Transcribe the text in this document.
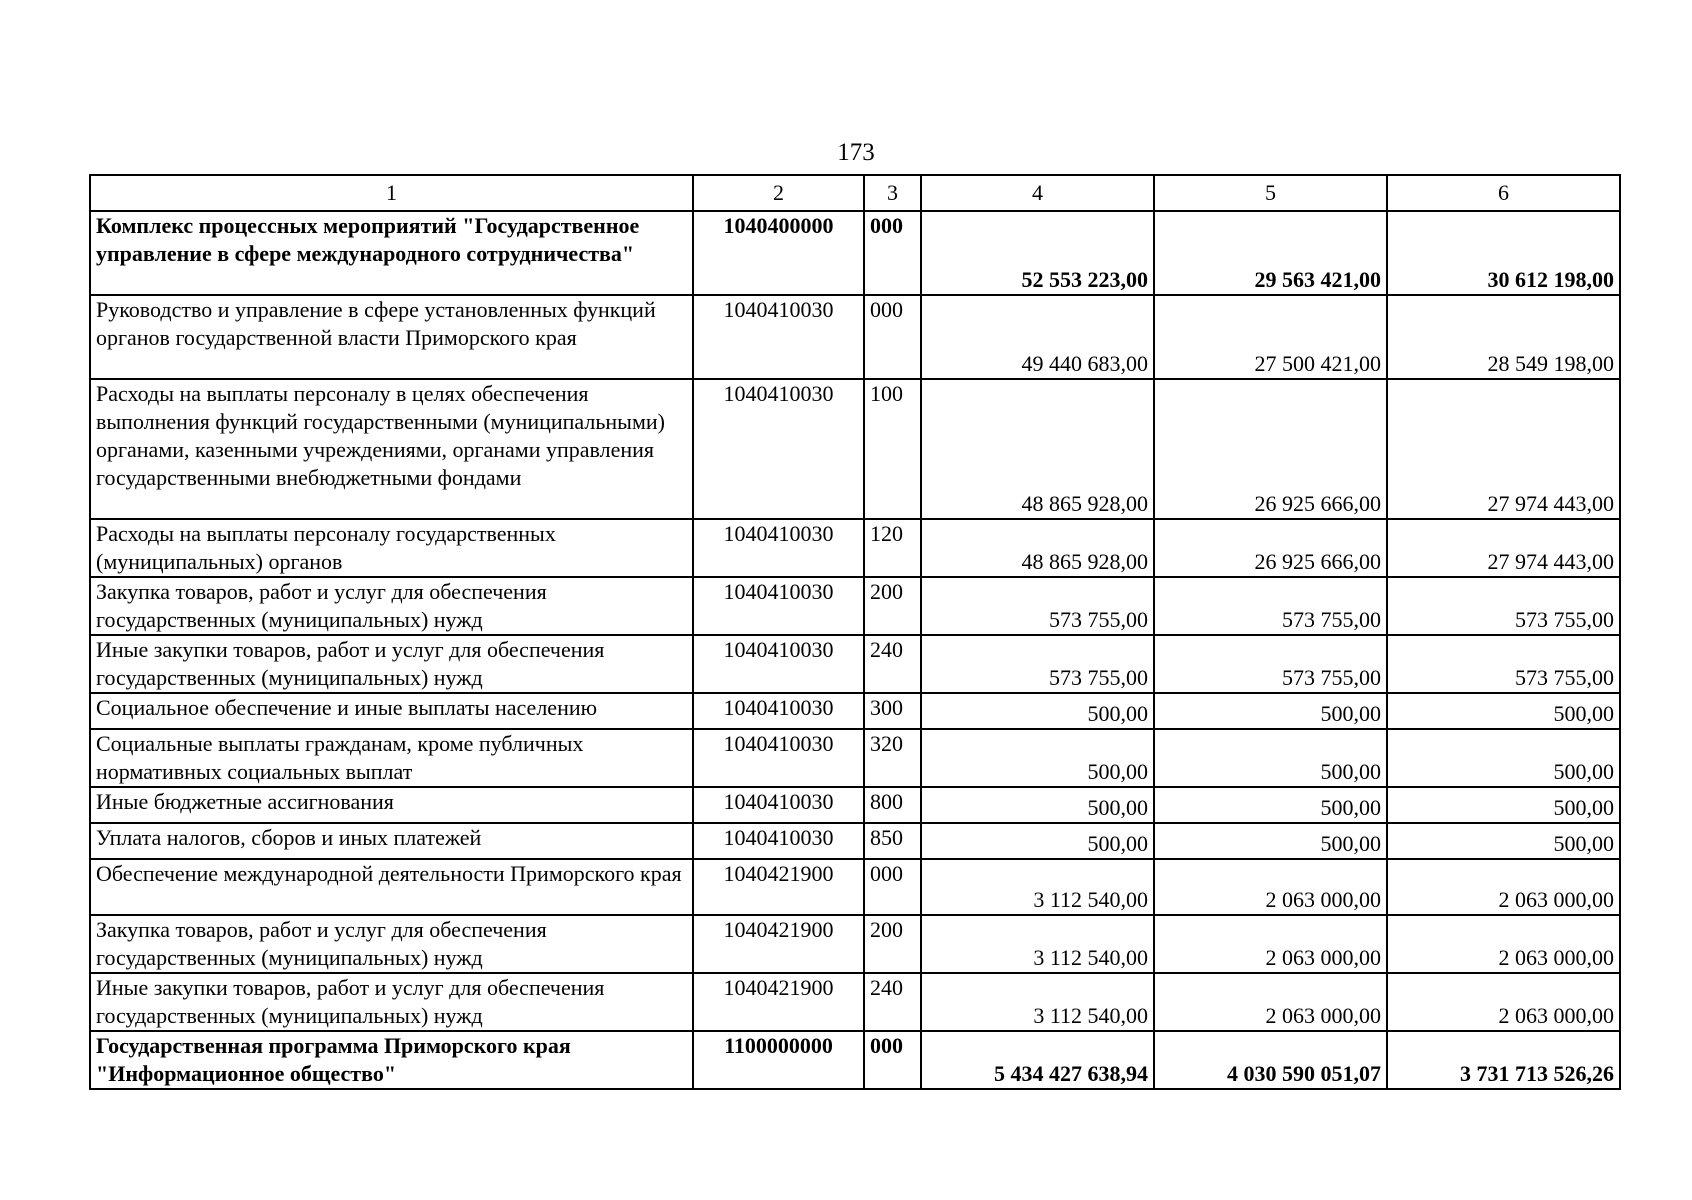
173
1	2	3	4	5	6
Комплекс процессных мероприятий "Государственное управление в сфере международного сотрудничества"	1040400000	000	52 553 223,00	29 563 421,00	30 612 198,00
Руководство и управление в сфере установленных функций органов государственной власти Приморского края	1040410030	000	49 440 683,00	27 500 421,00	28 549 198,00
Расходы на выплаты персоналу в целях обеспечения выполнения функций государственными (муниципальными) органами, казенными учреждениями, органами управления государственными внебюджетными фондами	1040410030	100	48 865 928,00	26 925 666,00	27 974 443,00
Расходы на выплаты персоналу государственных (муниципальных) органов	1040410030	120	48 865 928,00	26 925 666,00	27 974 443,00
Закупка товаров, работ и услуг для обеспечения государственных (муниципальных) нужд	1040410030	200	573 755,00	573 755,00	573 755,00
Иные закупки товаров, работ и услуг для обеспечения государственных (муниципальных) нужд	1040410030	240	573 755,00	573 755,00	573 755,00
Социальное обеспечение и иные выплаты населению	1040410030	300	500,00	500,00	500,00
Социальные выплаты гражданам, кроме публичных нормативных социальных выплат	1040410030	320	500,00	500,00	500,00
Иные бюджетные ассигнования	1040410030	800	500,00	500,00	500,00
Уплата налогов, сборов и иных платежей	1040410030	850	500,00	500,00	500,00
Обеспечение международной деятельности Приморского края	1040421900	000	3 112 540,00	2 063 000,00	2 063 000,00
Закупка товаров, работ и услуг для обеспечения государственных (муниципальных) нужд	1040421900	200	3 112 540,00	2 063 000,00	2 063 000,00
Иные закупки товаров, работ и услуг для обеспечения государственных (муниципальных) нужд	1040421900	240	3 112 540,00	2 063 000,00	2 063 000,00
Государственная программа Приморского края "Информационное общество"	1100000000	000	5 434 427 638,94	4 030 590 051,07	3 731 713 526,26
